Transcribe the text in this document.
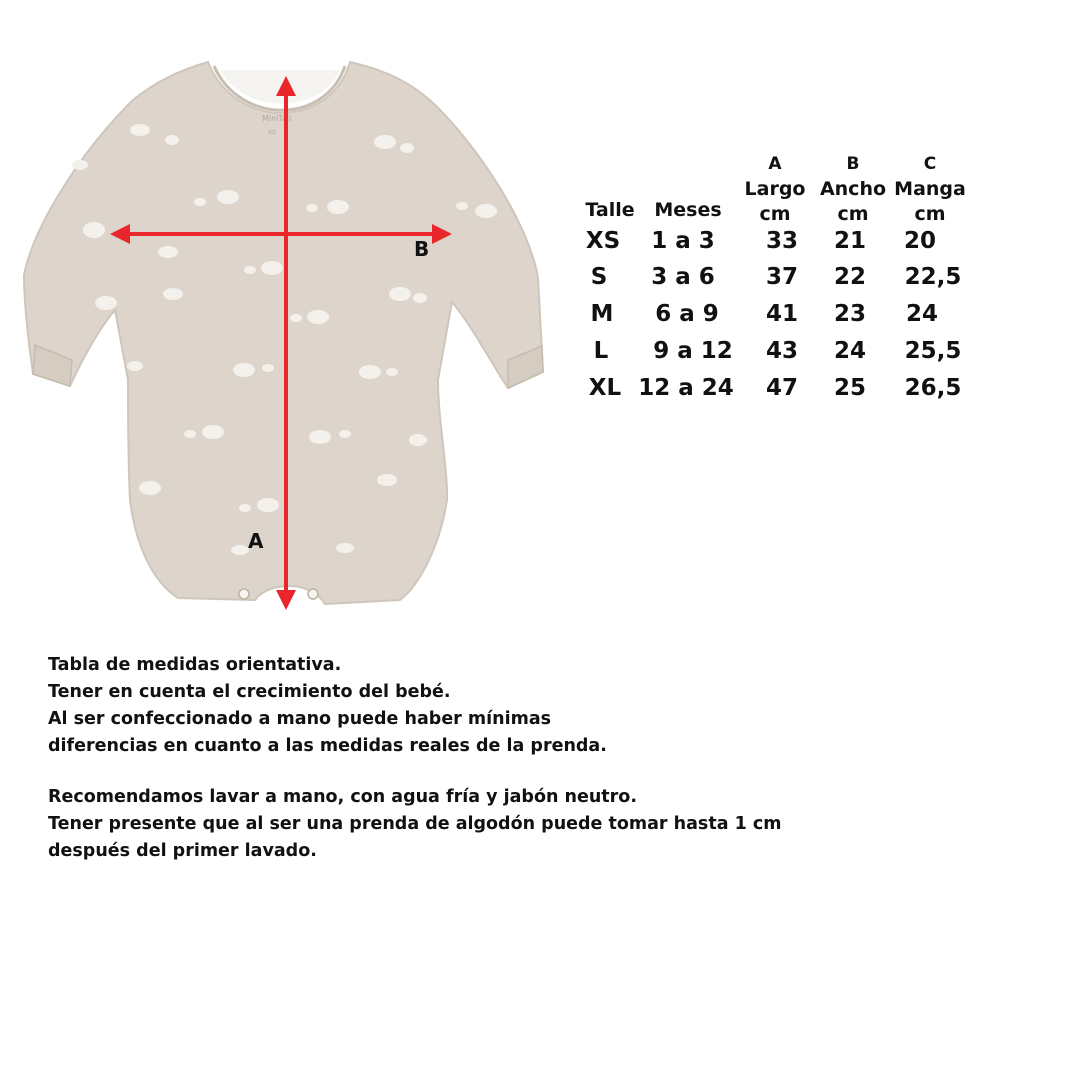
MiniTali
XS
B
A
Talle Meses
A
Largo
cm
B
Ancho
cm
C
Manga
cm
XS	1 a 3	33	21	20
S	3 a 6	37	22	22,5
M	6 a 9	41	23	24
L	9 a 12	43	24	25,5
XL 12 a 24	47	25	26,5
Tabla de medidas orientativa.
Tener en cuenta el crecimiento del bebé.
Al ser confeccionado a mano puede haber mínimas
diferencias en cuanto a las medidas reales de la prenda.
Recomendamos lavar a mano, con agua fría y jabón neutro.
Tener presente que al ser una prenda de algodón puede tomar hasta 1 cm
después del primer lavado.
